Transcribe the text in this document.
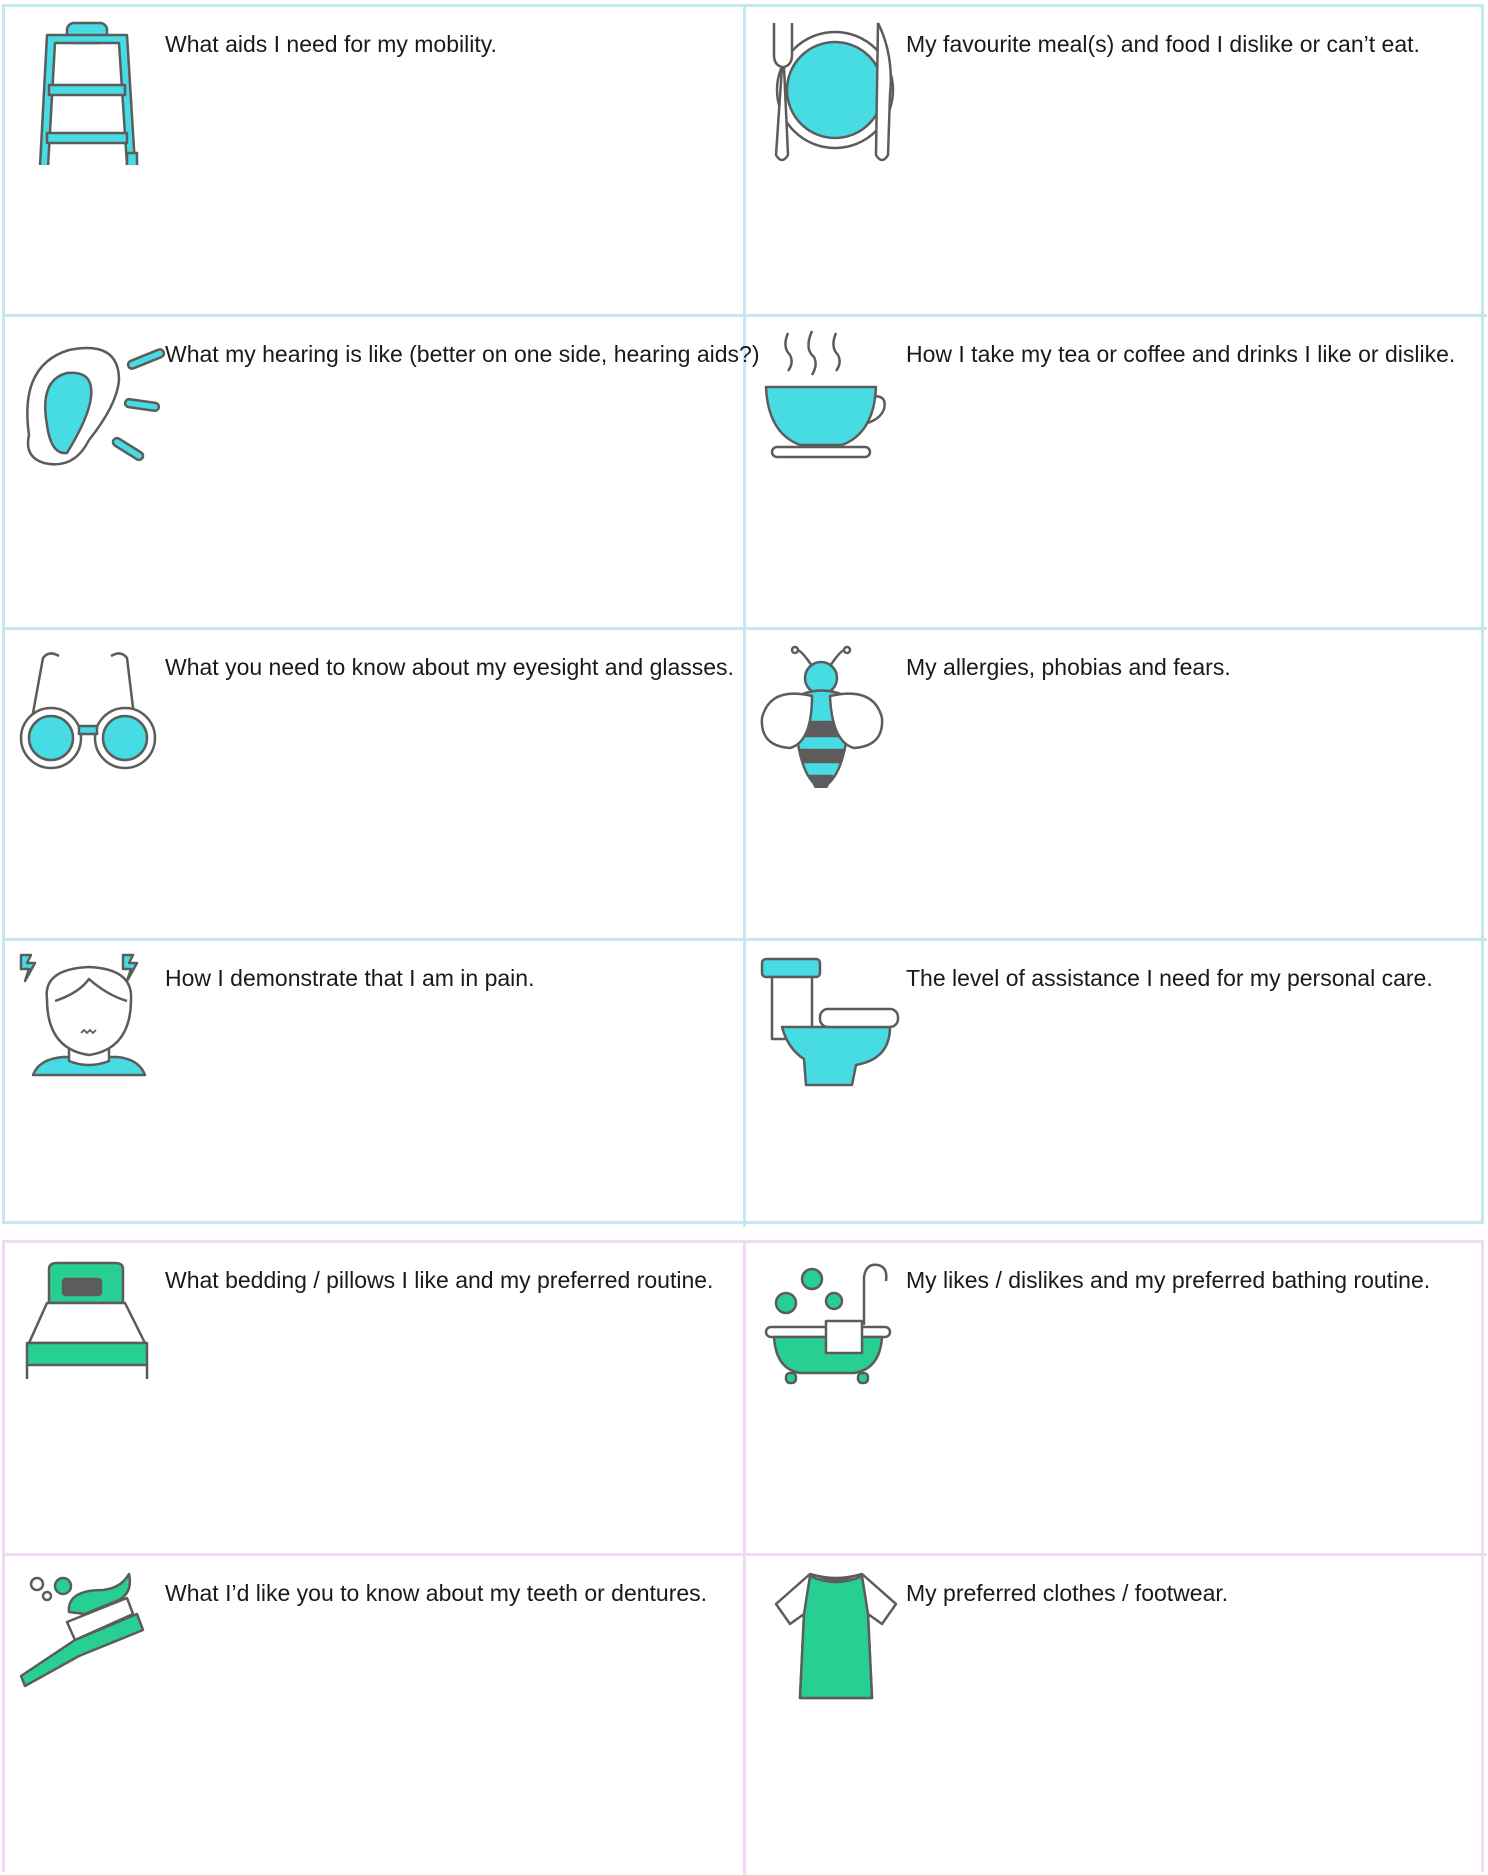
What aids I need for my mobility.	My favourite meal(s) and food I dislike or can’t eat.
What my hearing is like (better on one side, hearing aids?)	How I take my tea or coffee and drinks I like or dislike.
What you need to know about my eyesight and glasses.	My allergies, phobias and fears.
How I demonstrate that I am in pain.	The level of assistance I need for my personal care.
What bedding / pillows I like and my preferred routine.	My likes / dislikes and my preferred bathing routine.
What I’d like you to know about my teeth or dentures.	My preferred clothes / footwear.
